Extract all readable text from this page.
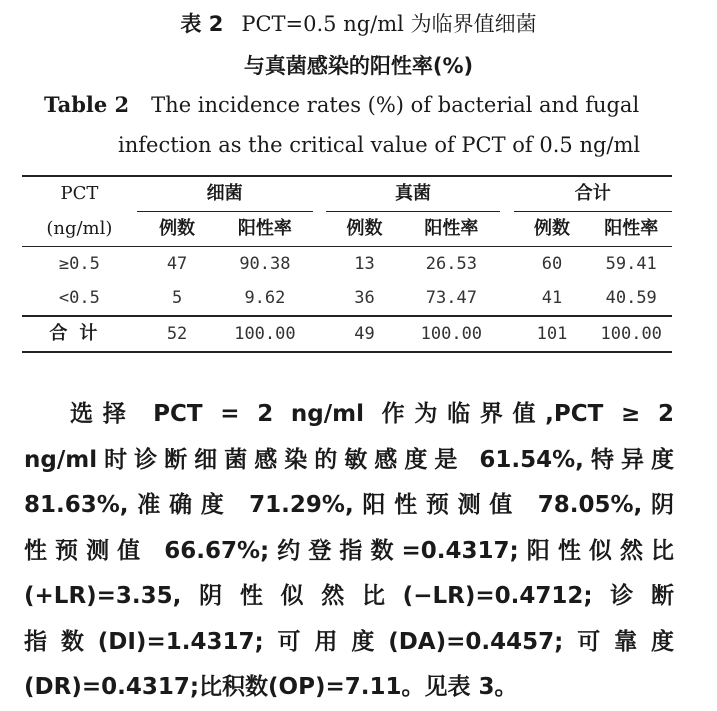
表 2 PCT=0.5 ng/ml 为临界值细菌
与真菌感染的阳性率(%)
Table 2 The incidence rates (%) of bacterial and fugal
infection as the critical value of PCT of 0.5 ng/ml
PCT	细菌			真菌			合计	
(ng/ml)	例数	阳性率		例数	阳性率		例数	阳性率
≥0.5	47	90.38		13	26.53		60	59.41
<0.5	5	9.62		36	73.47		41	40.59
合计	52	100.00		49	100.00		101	100.00
选择 PCT = 2 ng/ml 作为临界值,PCT ≥ 2
ng/ml时诊断细菌感染的敏感度是 61.54%,特异度
81.63%,准确度 71.29%,阳性预测值 78.05%,阴
性预测值 66.67%;约登指数=0.4317;阳性似然比
(+LR)=3.35,阴性似然比(−LR)=0.4712;诊断
指数(DI)=1.4317;可用度(DA)=0.4457;可靠度
(DR)=0.4317;比积数(OP)=7.11。见表 3。
